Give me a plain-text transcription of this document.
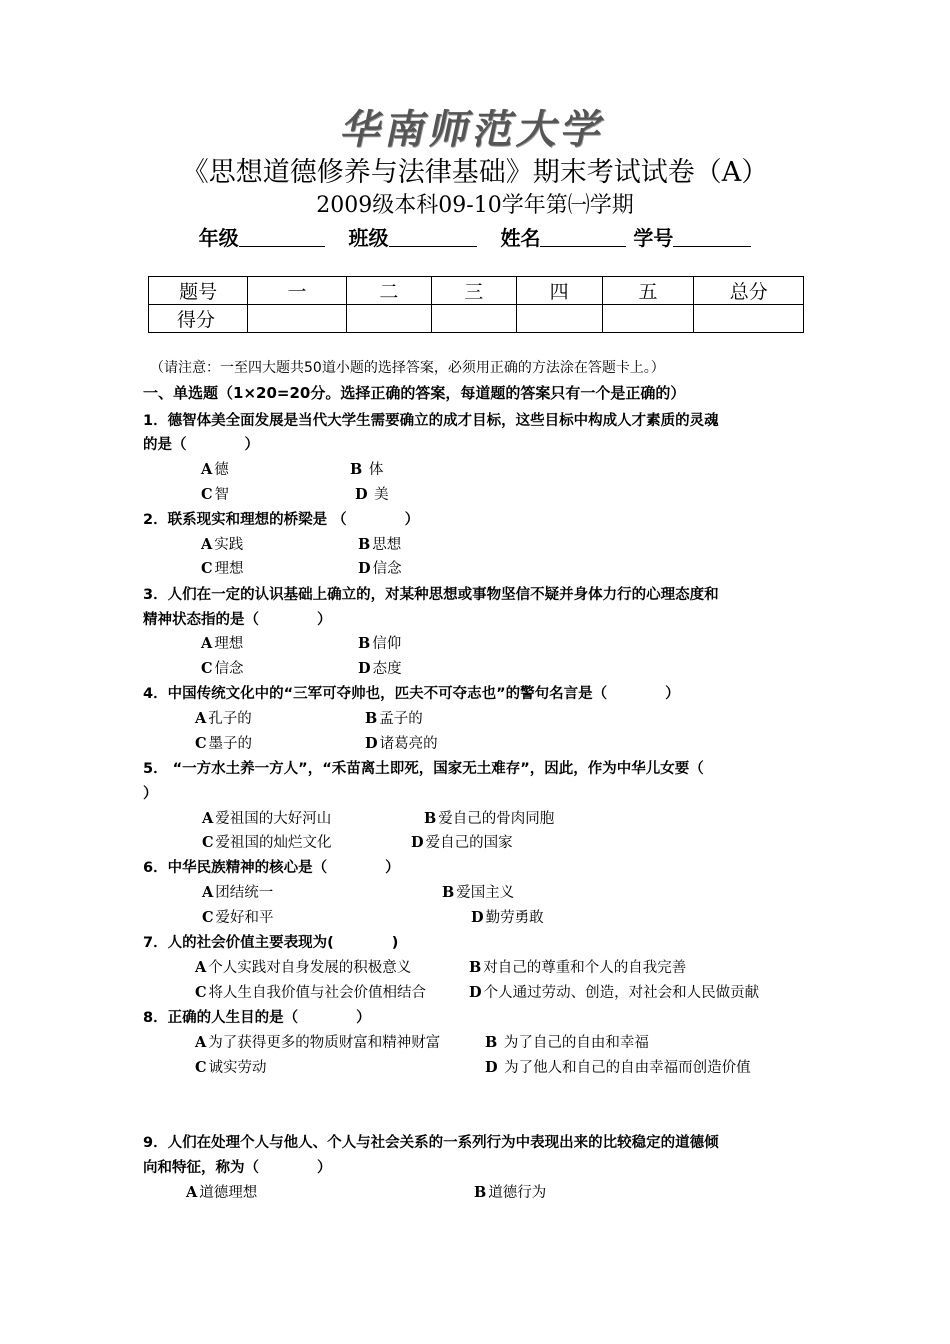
华南师范大学
《思想道德修养与法律基础》期末考试试卷（A）
2009级本科09-10学年第㈠学期
年级	班级	姓名	学号
题号	一	二	三	四	五	总分
得分						
（请注意：一至四大题共50道小题的选择答案，必须用正确的方法涂在答题卡上。）
一、单选题（1×20=20分。选择正确的答案，每道题的答案只有一个是正确的）
1．德智体美全面发展是当代大学生需要确立的成才目标，这些目标中构成人才素质的灵魂
的是（　　　　）
A 德	B 体
C 智	D 美
2．联系现实和理想的桥梁是 （　　　　）
A 实践	B 思想
C 理想	D 信念
3．人们在一定的认识基础上确立的，对某种思想或事物坚信不疑并身体力行的心理态度和
精神状态指的是（　　　　）
A 理想	B 信仰
C 信念	D 态度
4．中国传统文化中的“三军可夺帅也，匹夫不可夺志也”的警句名言是（　　　　）
A 孔子的	B 孟子的
C 墨子的	D 诸葛亮的
5． “一方水土养一方人”，“禾苗离土即死，国家无土难存”，因此，作为中华儿女要（
）
A 爱祖国的大好河山	B 爱自己的骨肉同胞
C 爱祖国的灿烂文化	D 爱自己的国家
6．中华民族精神的核心是（　　　　）
A 团结统一	B 爱国主义
C 爱好和平	D 勤劳勇敢
7．人的社会价值主要表现为(　　　　)
A 个人实践对自身发展的积极意义	B 对自己的尊重和个人的自我完善
C 将人生自我价值与社会价值相结合	D 个人通过劳动、创造，对社会和人民做贡献
8．正确的人生目的是（　　　　）
A 为了获得更多的物质财富和精神财富	B 为了自己的自由和幸福
C 诚实劳动	D 为了他人和自己的自由幸福而创造价值
9．人们在处理个人与他人、个人与社会关系的一系列行为中表现出来的比较稳定的道德倾
向和特征，称为（　　　　）
A 道德理想	B 道德行为
